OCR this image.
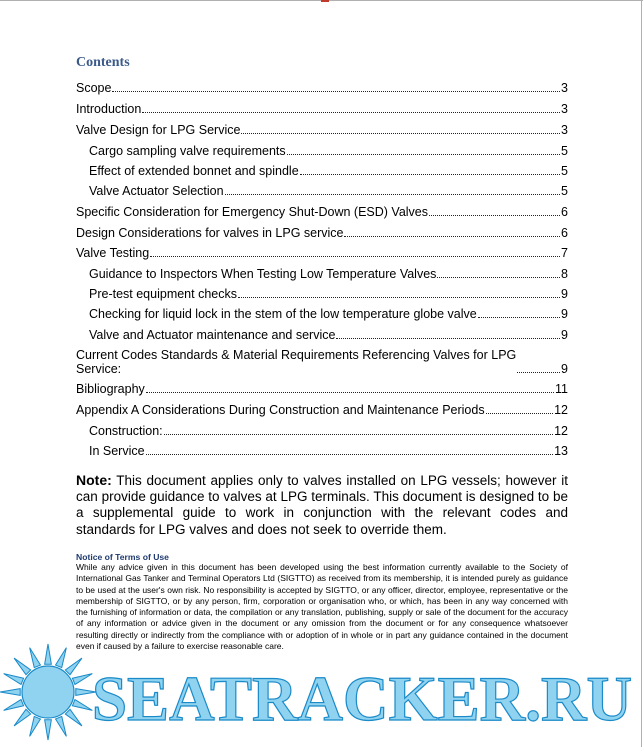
Contents
Scope	3
Introduction	3
Valve Design for LPG Service	3
Cargo sampling valve requirements	5
Effect of extended bonnet and spindle	5
Valve Actuator Selection	5
Specific Consideration for Emergency Shut-Down (ESD) Valves	6
Design Considerations for valves in LPG service	6
Valve Testing	7
Guidance to Inspectors When Testing Low Temperature Valves	8
Pre-test equipment checks	9
Checking for liquid lock in the stem of the low temperature globe valve	9
Valve and Actuator maintenance and service	9
Current Codes Standards & Material Requirements Referencing Valves for LPG
Service:	9
Bibliography	11
Appendix A Considerations During Construction and Maintenance Periods	12
Construction:	12
In Service	13
Note: This document applies only to valves installed on LPG vessels; however it can provide guidance to valves at LPG terminals. This document is designed to be a supplemental guide to work in conjunction with the relevant codes and standards for LPG valves and does not seek to override them.
Notice of Terms of Use
While any advice given in this document has been developed using the best information currently available to the Society of International Gas Tanker and Terminal Operators Ltd (SIGTTO) as received from its membership, it is intended purely as guidance to be used at the user's own risk. No responsibility is accepted by SIGTTO, or any officer, director, employee, representative or the membership of SIGTTO, or by any person, firm, corporation or organisation who, or which, has been in any way concerned with the furnishing of information or data, the compilation or any translation, publishing, supply or sale of the document for the accuracy of any information or advice given in the document or any omission from the document or for any consequence whatsoever resulting directly or indirectly from the compliance with or adoption of in whole or in part any guidance contained in the document even if caused by a failure to exercise reasonable care.
SEATRACKER.RU
